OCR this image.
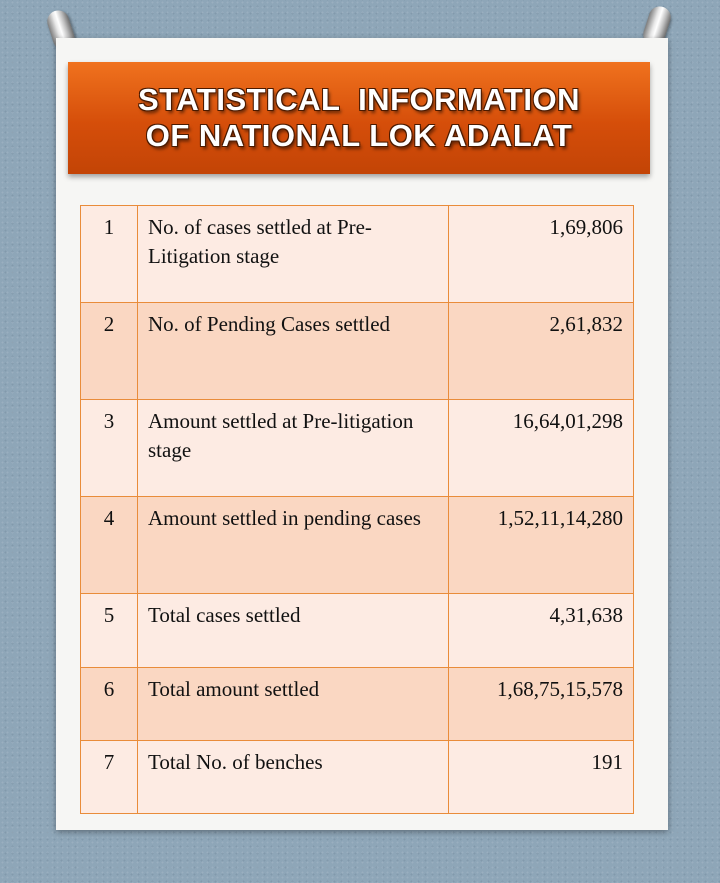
STATISTICAL  INFORMATION
OF NATIONAL LOK ADALAT
1	No. of cases settled at Pre-Litigation stage	1,69,806
2	No. of Pending Cases settled	2,61,832
3	Amount settled at Pre-litigation stage	16,64,01,298
4	Amount settled in pending cases	1,52,11,14,280
5	Total cases settled	4,31,638
6	Total amount settled	1,68,75,15,578
7	Total No. of benches	191
